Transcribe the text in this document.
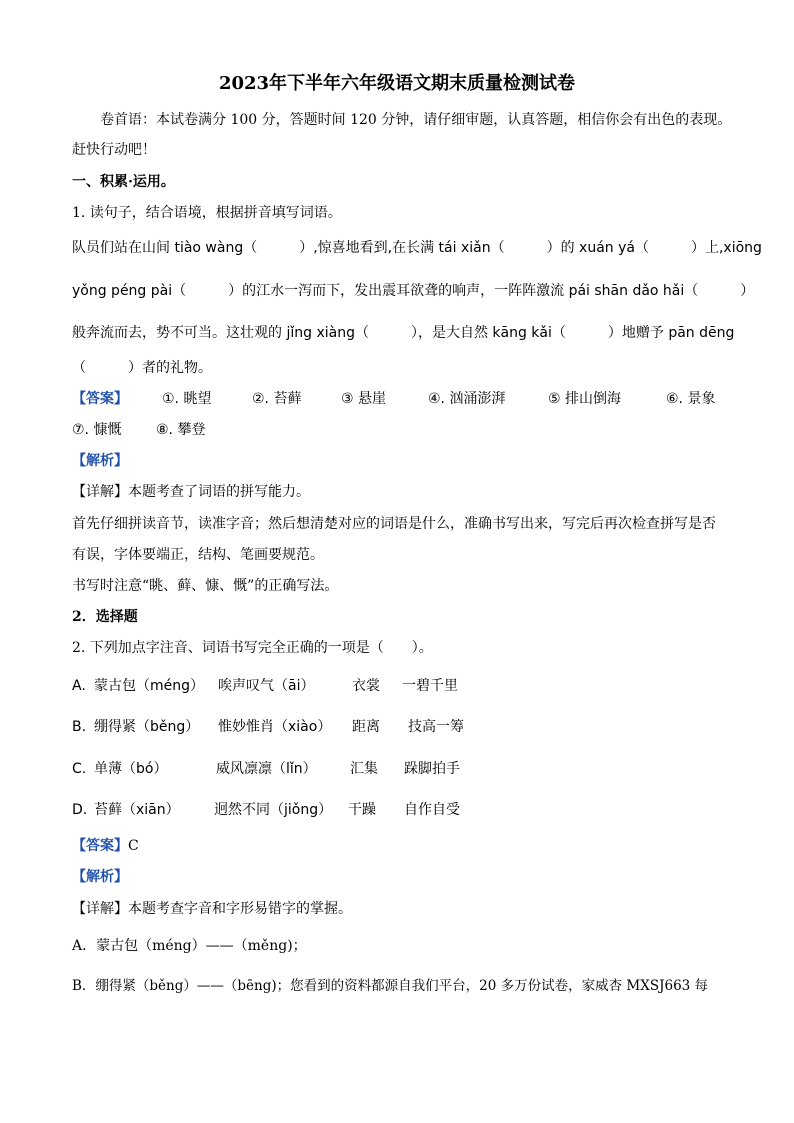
2023年下半年六年级语文期末质量检测试卷
卷首语：本试卷满分 100 分，答题时间 120 分钟，请仔细审题，认真答题，相信你会有出色的表现。
赶快行动吧！
一、积累·运用。
1. 读句子，结合语境，根据拼音填写词语。
队员们站在山间 tiào wàng（　　　）,惊喜地看到,在长满 tái xiǎn（　　　）的 xuán yá（　　　）上,xiōng
yǒng péng pài（　　　）的江水一泻而下，发出震耳欲聋的响声，一阵阵激流 pái shān dǎo hǎi（　　　）
般奔流而去，势不可当。这壮观的 jǐng xiàng（　　　），是大自然 kāng kǎi（　　　）地赠予 pān dēng
（　　　）者的礼物。
【答案】 ①. 眺望	②. 苔藓	③ 悬崖	④. 汹涌澎湃	⑤ 排山倒海	⑥. 景象
⑦. 慷慨 ⑧. 攀登
【解析】
【详解】本题考查了词语的拼写能力。
首先仔细拼读音节，读准字音；然后想清楚对应的词语是什么，准确书写出来，写完后再次检查拼写是否
有误，字体要端正，结构、笔画要规范。
书写时注意“眺、藓、慷、慨”的正确写法。
2．选择题
2. 下列加点字注音、词语书写完全正确的一项是（　　）。
A. 蒙古包（méng） 唉声叹气（āi）	衣裳 一碧千里
B. 绷得紧（běng） 惟妙惟肖（xiào） 距离 技高一筹
C. 单薄（bó）	威风凛凛（lǐn） 汇集 跺脚拍手
D. 苔藓（xiān） 迥然不同（jiǒng） 干躁 自作自受
【答案】C
【解析】
【详解】本题考查字音和字形易错字的掌握。
A．蒙古包（méng）——（měng)；
B．绷得紧（běng）——（bēng)；您看到的资料都源自我们平台，20 多万份试卷，家威杏 MXSJ663 每
